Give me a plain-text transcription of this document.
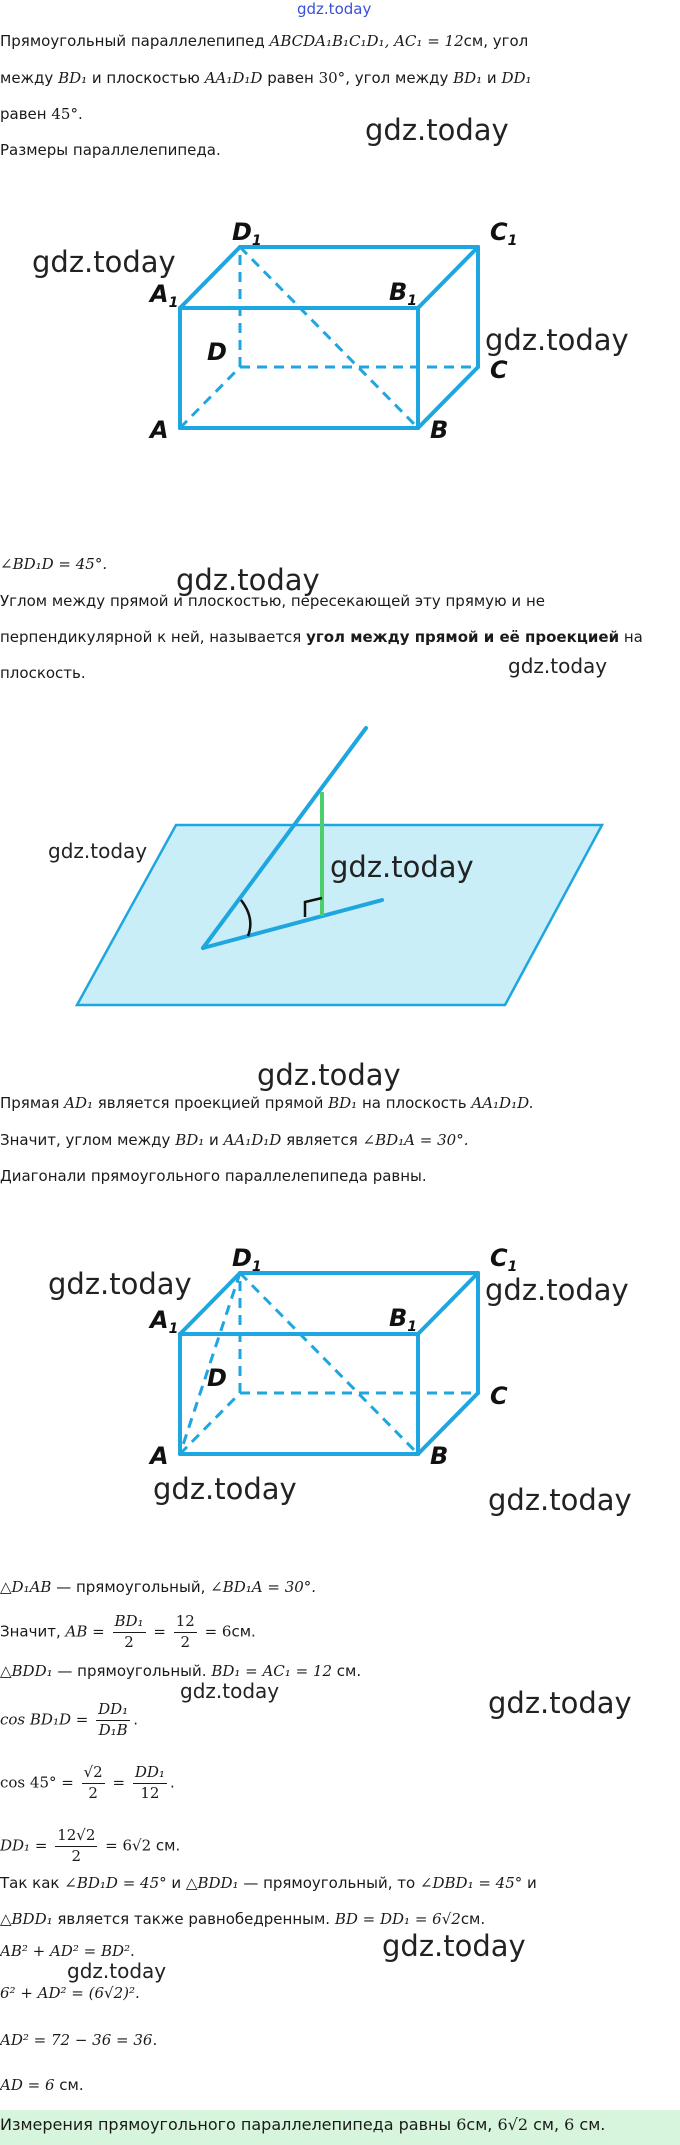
gdz.today
Прямоугольный параллелепипед ABCDA₁B₁C₁D₁, AC₁ = 12см, угол
между BD₁ и плоскостью AA₁D₁D равен 30°, угол между BD₁ и DD₁
равен 45°.
Размеры параллелепипеда.
gdz.today
$D_1$	$C_1$
$A_1$	$B_1$
D
C
A	B
gdz.today
gdz.today
∠BD₁D = 45°. gdz.today
Углом между прямой и плоскостью, пересекающей эту прямую и не
перпендикулярной к ней, называется угол между прямой и её проекцией на
плоскость.	gdz.today
gdz.today	gdz.today
gdz.today
Прямая AD₁ является проекцией прямой BD₁ на плоскость AA₁D₁D.
Значит, углом между BD₁ и AA₁D₁D является ∠BD₁A = 30°.
Диагонали прямоугольного параллелепипеда равны.
$D_1$	$C_1$
$A_1$	$B_1$
D
C
A	B
gdz.today	gdz.today
gdz.today	gdz.today
△D₁AB — прямоугольный, ∠BD₁A = 30°.
Значит, AB = $\frac{\text{BD₁}}{2} = \frac{12}{2} = 6см$.
△BDD₁ — прямоугольный. BD₁ = AC₁ = 12 см.
gdz.today	gdz.today
$\cos BD_1D = \frac{\text{DD₁}}{\text{D₁B}}$ .
$\cos 45^\circ = \frac{√2}{2} = \frac{\text{DD₁}}{12}$ .
$DD_1 = \frac{12√2}{2} = 6√2$ см.
Так как ∠BD₁D = 45° и △BDD₁ — прямоугольный, то ∠DBD₁ = 45° и
△BDD₁ является также равнобедренным. BD = DD₁ = 6√2см.
gdz.today
AB² + AD² = BD².
gdz.today
6² + AD² = (6√2)².
AD² = 72 − 36 = 36.
AD = 6 см.
Измерения прямоугольного параллелепипеда равны 6см, 6√2 см, 6 см.
